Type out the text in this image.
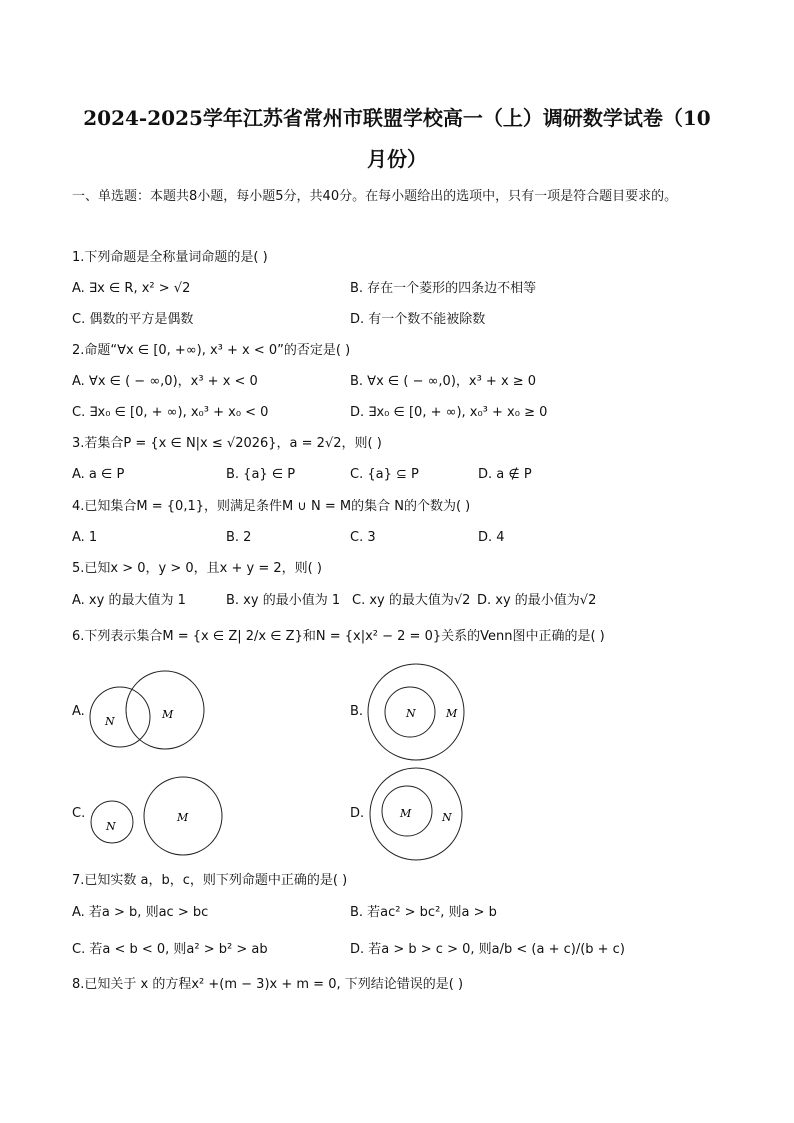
2024-2025学年江苏省常州市联盟学校高一（上）调研数学试卷（10
月份）
一、单选题：本题共8小题，每小题5分，共40分。在每小题给出的选项中，只有一项是符合题目要求的。
1.下列命题是全称量词命题的是( )
A. ∃x ∈ R, x² > √2	B. 存在一个菱形的四条边不相等
C. 偶数的平方是偶数	D. 有一个数不能被除数
2.命题“∀x ∈ [0, +∞), x³ + x < 0”的否定是( )
A. ∀x ∈ ( − ∞,0)，x³ + x < 0	B. ∀x ∈ ( − ∞,0)，x³ + x ≥ 0
C. ∃x₀ ∈ [0, + ∞), x₀³ + x₀ < 0	D. ∃x₀ ∈ [0, + ∞), x₀³ + x₀ ≥ 0
3.若集合P = {x ∈ N|x ≤ √2026}，a = 2√2，则( )
A. a ∈ P	B. {a} ∈ P	C. {a} ⊆ P	D. a ∉ P
4.已知集合M = {0,1}，则满足条件M ∪ N = M的集合 N的个数为( )
A. 1	B. 2	C. 3	D. 4
5.已知x > 0，y > 0，且x + y = 2，则( )
A. xy 的最大值为 1	B. xy 的最小值为 1 C. xy 的最大值为√2 D. xy 的最小值为√2
6.下列表示集合M = {x ∈ Z| 2/x ∈ Z}和N = {x|x² − 2 = 0}关系的Venn图中正确的是( )
A.
N
M	B.	N	M
C.
N
M	D.	M	N
7.已知实数 a，b，c，则下列命题中正确的是( )
A. 若a > b, 则ac > bc	B. 若ac² > bc², 则a > b
C. 若a < b < 0, 则a² > b² > ab	D. 若a > b > c > 0, 则a/b < (a + c)/(b + c)
8.已知关于 x 的方程x² +(m − 3)x + m = 0, 下列结论错误的是( )
